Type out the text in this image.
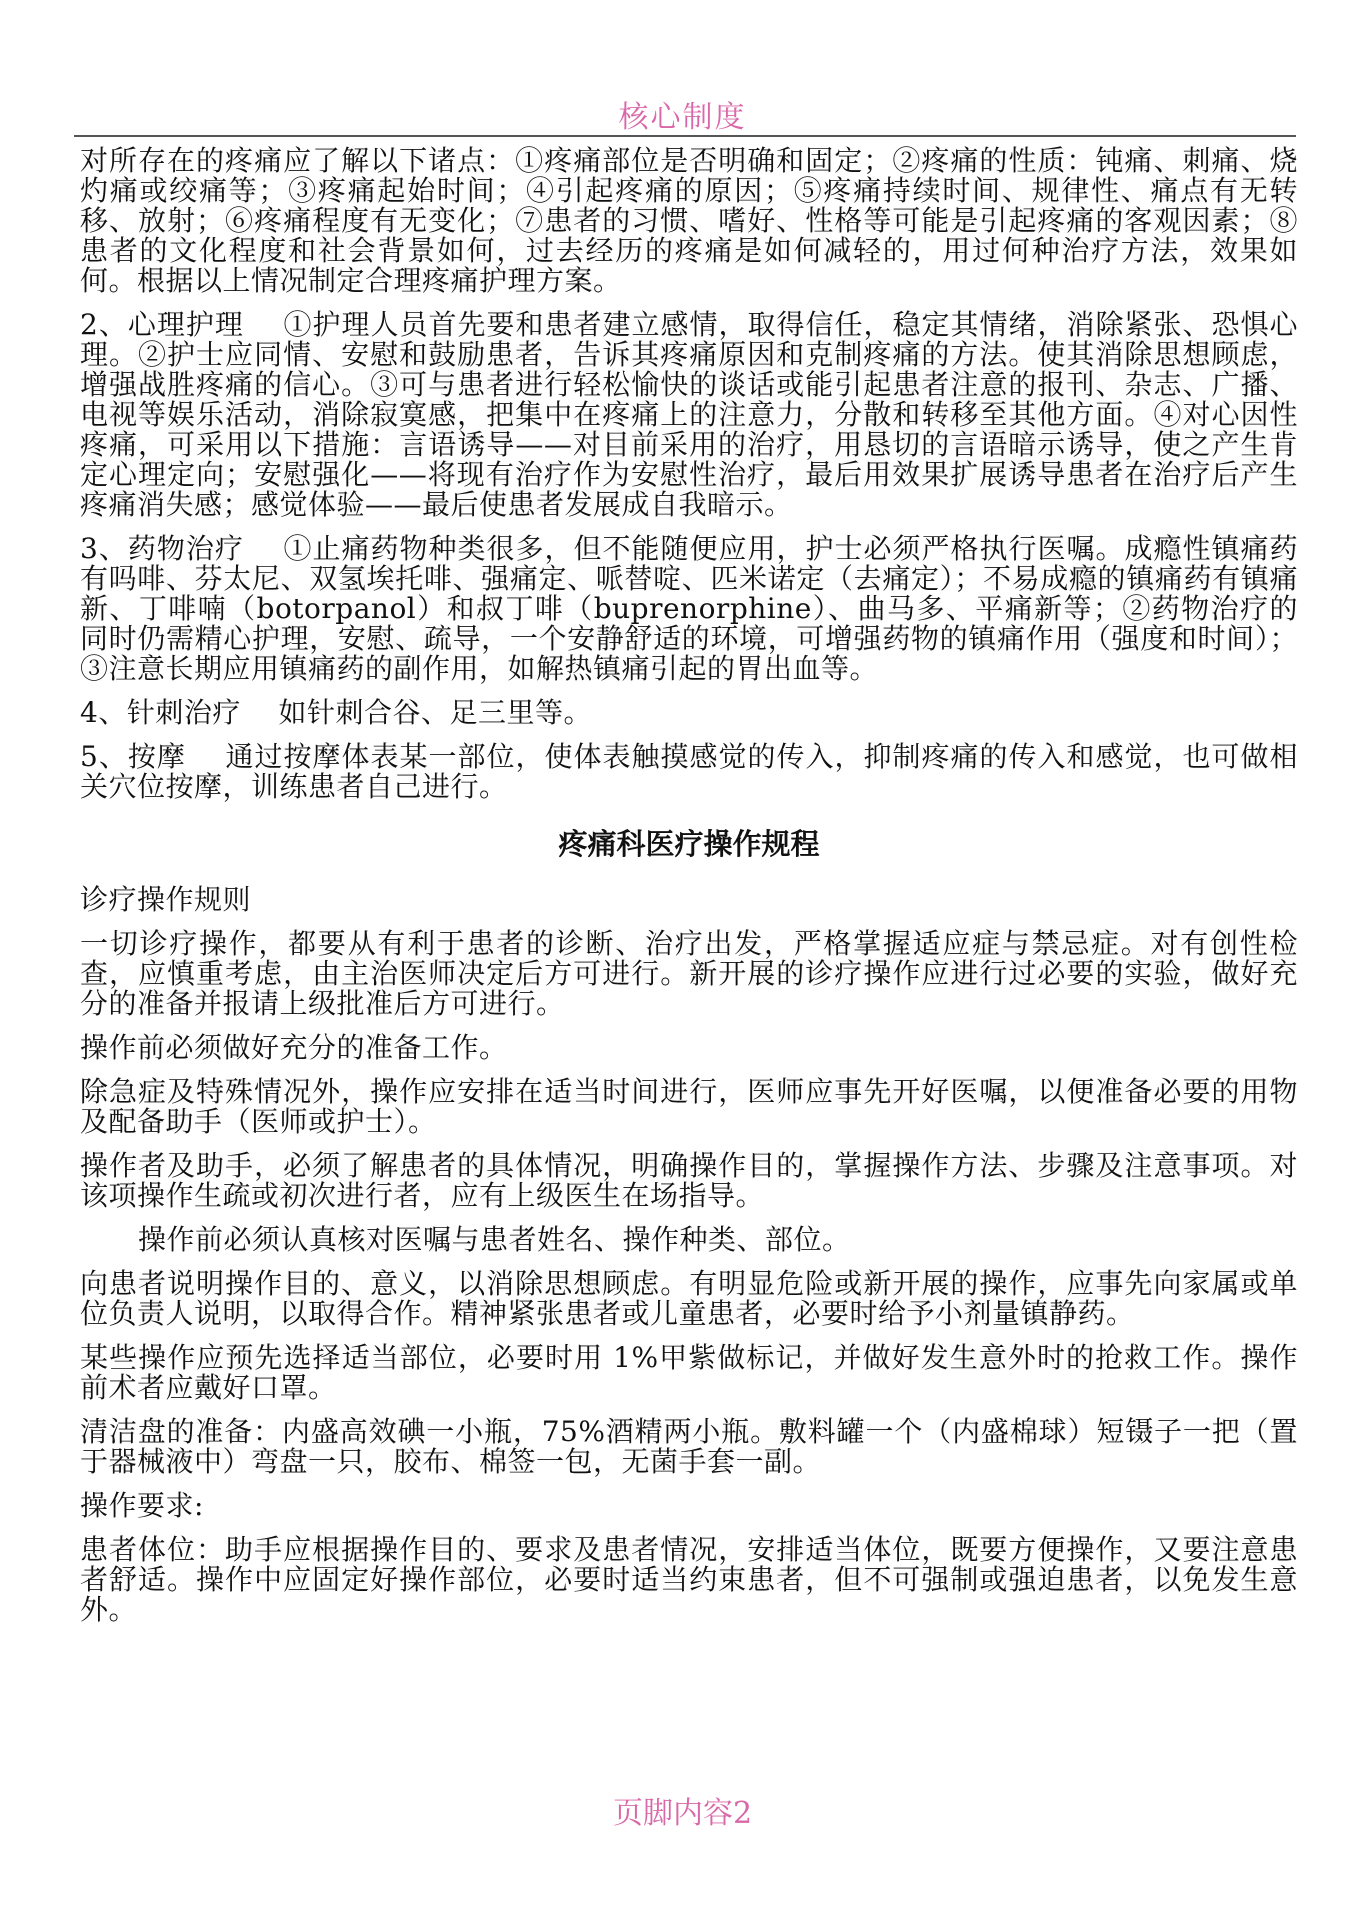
核心制度

对所存在的疼痛应了解以下诸点：①疼痛部位是否明确和固定；②疼痛的性质：钝痛、刺痛、烧灼痛或绞痛等；③疼痛起始时间；④引起疼痛的原因；⑤疼痛持续时间、规律性、痛点有无转移、放射；⑥疼痛程度有无变化；⑦患者的习惯、嗜好、性格等可能是引起疼痛的客观因素；⑧患者的文化程度和社会背景如何，过去经历的疼痛是如何减轻的，用过何种治疗方法，效果如何。根据以上情况制定合理疼痛护理方案。

2、心理护理 ①护理人员首先要和患者建立感情，取得信任，稳定其情绪，消除紧张、恐惧心理。②护士应同情、安慰和鼓励患者，告诉其疼痛原因和克制疼痛的方法。使其消除思想顾虑，增强战胜疼痛的信心。③可与患者进行轻松愉快的谈话或能引起患者注意的报刊、杂志、广播、电视等娱乐活动，消除寂寞感，把集中在疼痛上的注意力，分散和转移至其他方面。④对心因性疼痛，可采用以下措施：言语诱导——对目前采用的治疗，用恳切的言语暗示诱导，使之产生肯定心理定向；安慰强化——将现有治疗作为安慰性治疗，最后用效果扩展诱导患者在治疗后产生疼痛消失感；感觉体验——最后使患者发展成自我暗示。

3、药物治疗 ①止痛药物种类很多，但不能随便应用，护士必须严格执行医嘱。成瘾性镇痛药有吗啡、芬太尼、双氢埃托啡、强痛定、哌替啶、匹米诺定（去痛定）；不易成瘾的镇痛药有镇痛新、丁啡喃（botorpanol）和叔丁啡（buprenorphine）、曲马多、平痛新等；②药物治疗的同时仍需精心护理，安慰、疏导，一个安静舒适的环境，可增强药物的镇痛作用（强度和时间）；③注意长期应用镇痛药的副作用，如解热镇痛引起的胃出血等。

4、针刺治疗 如针刺合谷、足三里等。

5、按摩 通过按摩体表某一部位，使体表触摸感觉的传入，抑制疼痛的传入和感觉，也可做相关穴位按摩，训练患者自己进行。

疼痛科医疗操作规程

诊疗操作规则

一切诊疗操作，都要从有利于患者的诊断、治疗出发，严格掌握适应症与禁忌症。对有创性检查，应慎重考虑，由主治医师决定后方可进行。新开展的诊疗操作应进行过必要的实验，做好充分的准备并报请上级批准后方可进行。

操作前必须做好充分的准备工作。

除急症及特殊情况外，操作应安排在适当时间进行，医师应事先开好医嘱，以便准备必要的用物及配备助手（医师或护士）。

操作者及助手，必须了解患者的具体情况，明确操作目的，掌握操作方法、步骤及注意事项。对该项操作生疏或初次进行者，应有上级医生在场指导。

操作前必须认真核对医嘱与患者姓名、操作种类、部位。

向患者说明操作目的、意义，以消除思想顾虑。有明显危险或新开展的操作，应事先向家属或单位负责人说明，以取得合作。精神紧张患者或儿童患者，必要时给予小剂量镇静药。

某些操作应预先选择适当部位，必要时用 1%甲紫做标记，并做好发生意外时的抢救工作。操作前术者应戴好口罩。

清洁盘的准备：内盛高效碘一小瓶，75%酒精两小瓶。敷料罐一个（内盛棉球）短镊子一把（置于器械液中）弯盘一只，胶布、棉签一包，无菌手套一副。

操作要求:

患者体位：助手应根据操作目的、要求及患者情况，安排适当体位，既要方便操作，又要注意患者舒适。操作中应固定好操作部位，必要时适当约束患者，但不可强制或强迫患者，以免发生意外。

页脚内容2
